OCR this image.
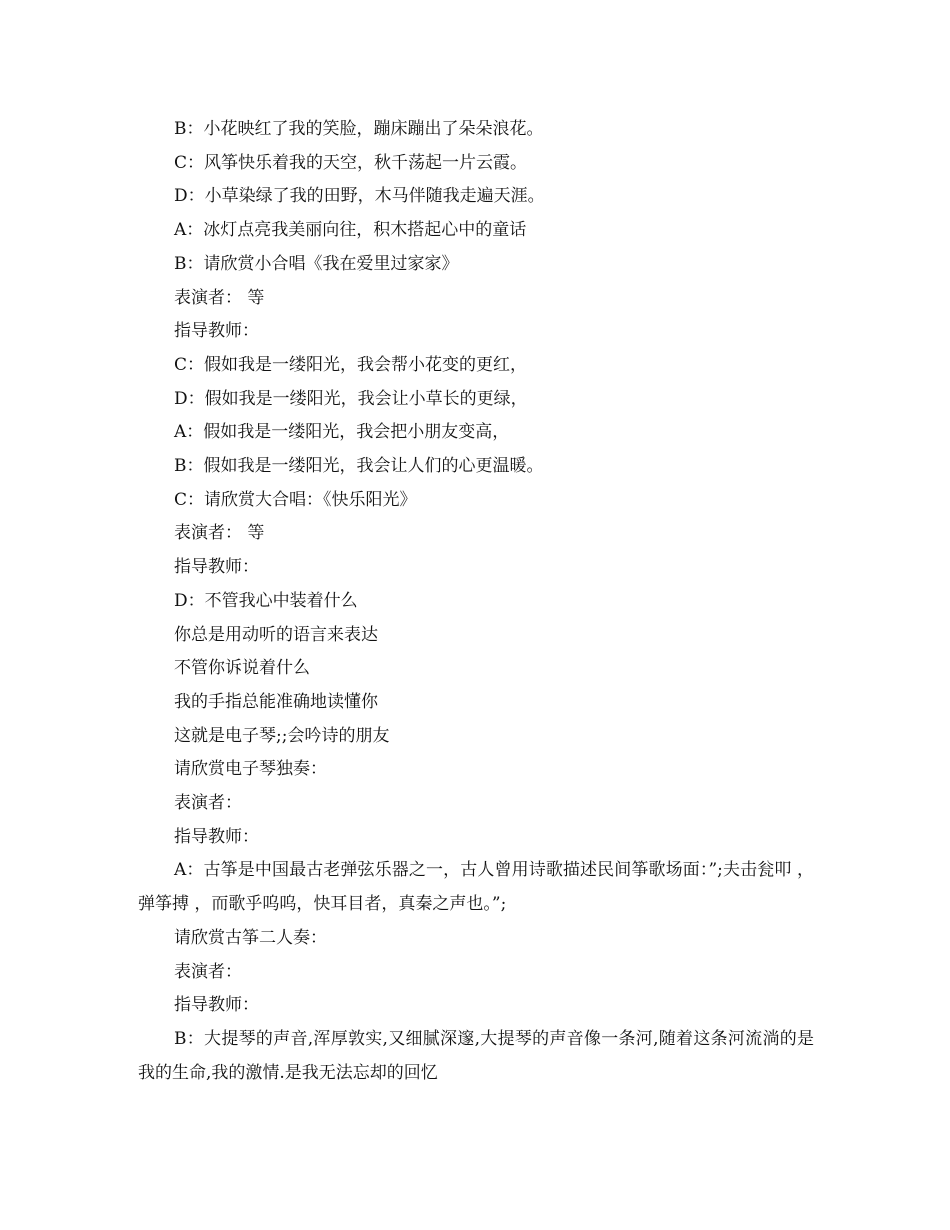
B：小花映红了我的笑脸，蹦床蹦出了朵朵浪花。
C：风筝快乐着我的天空，秋千荡起一片云霞。
D：小草染绿了我的田野，木马伴随我走遍天涯。
A：冰灯点亮我美丽向往，积木搭起心中的童话
B：请欣赏小合唱《我在爱里过家家》
表演者： 等
指导教师：
C：假如我是一缕阳光，我会帮小花变的更红，
D：假如我是一缕阳光，我会让小草长的更绿，
A：假如我是一缕阳光，我会把小朋友变高，
B：假如我是一缕阳光，我会让人们的心更温暖。
C：请欣赏大合唱：《快乐阳光》
表演者： 等
指导教师：
D：不管我心中装着什么
你总是用动听的语言来表达
不管你诉说着什么
我的手指总能准确地读懂你
这就是电子琴;;会吟诗的朋友
请欣赏电子琴独奏：
表演者：
指导教师：
A：古筝是中国最古老弹弦乐器之一，古人曾用诗歌描述民间筝歌场面：”;夫击瓮叩 ，弹筝搏 ，而歌乎呜呜，快耳目者，真秦之声也。”;
请欣赏古筝二人奏：
表演者：
指导教师：
B：大提琴的声音,浑厚敦实,又细腻深邃,大提琴的声音像一条河,随着这条河流淌的是我的生命,我的激情.是我无法忘却的回忆
